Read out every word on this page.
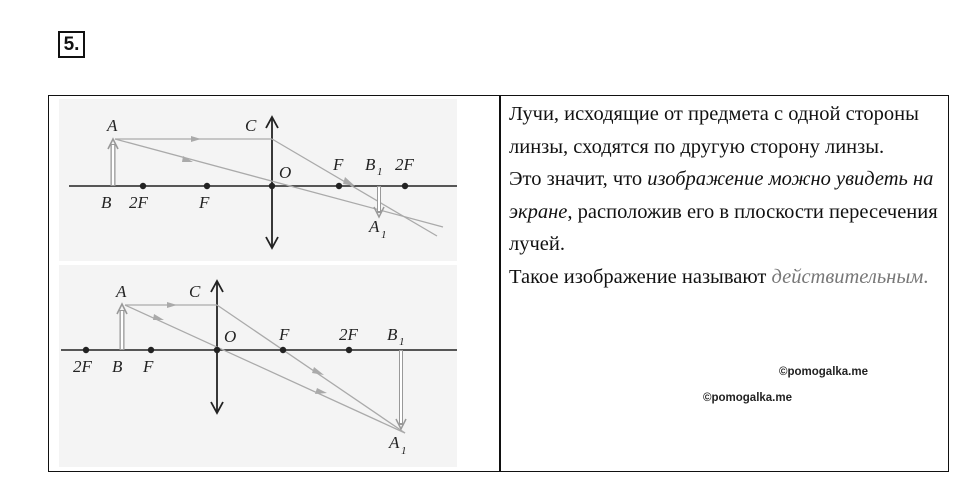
5.
A
B 2F	F
C
O F B 1 2F
A 1
A
2F B F
C
O	F	2F B 1
A 1

Лучи, исходящие от предмета с одной стороны линзы, сходятся по другую сторону линзы.

Это значит, что изображение можно увидеть на экране, расположив его в плоскости пересечения лучей.

Такое изображение называют действительным.

©pomogalka.me
©pomogalka.me
